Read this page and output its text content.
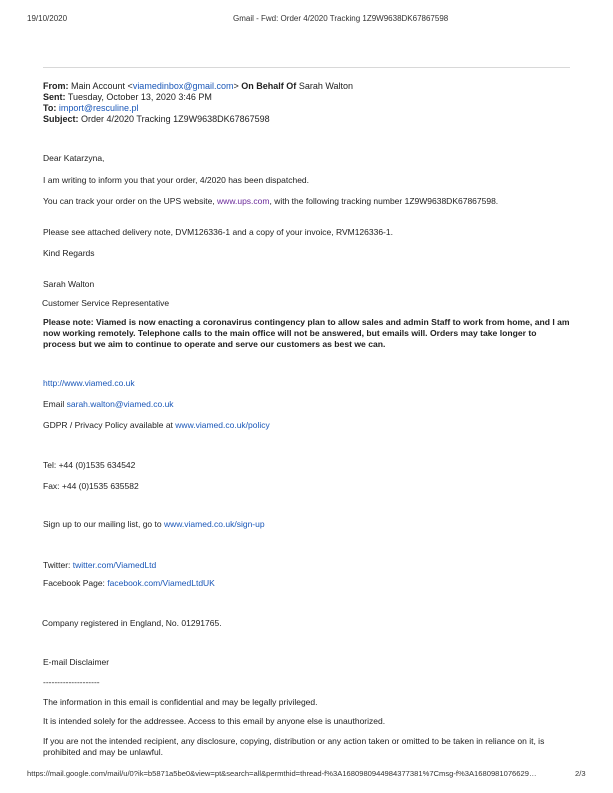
19/10/2020	Gmail - Fwd: Order 4/2020 Tracking 1Z9W9638DK67867598
From: Main Account <viamedinbox@gmail.com> On Behalf Of Sarah Walton
Sent: Tuesday, October 13, 2020 3:46 PM
To: import@resculine.pl
Subject: Order 4/2020 Tracking 1Z9W9638DK67867598
Dear Katarzyna,
I am writing to inform you that your order, 4/2020 has been dispatched.
You can track your order on the UPS website, www.ups.com, with the following tracking number 1Z9W9638DK67867598.
Please see attached delivery note, DVM126336-1 and a copy of your invoice, RVM126336-1.
Kind Regards
Sarah Walton
Customer Service Representative
Please note: Viamed is now enacting a coronavirus contingency plan to allow sales and admin Staff to work from home, and I am now working remotely. Telephone calls to the main office will not be answered, but emails will. Orders may take longer to process but we aim to continue to operate and serve our customers as best we can.
http://www.viamed.co.uk
Email sarah.walton@viamed.co.uk
GDPR / Privacy Policy available at www.viamed.co.uk/policy
Tel: +44 (0)1535 634542
Fax: +44 (0)1535 635582
Sign up to our mailing list, go to www.viamed.co.uk/sign-up
Twitter: twitter.com/ViamedLtd
Facebook Page: facebook.com/ViamedLtdUK
Company registered in England, No. 01291765.
E-mail Disclaimer
--------------------
The information in this email is confidential and may be legally privileged.
It is intended solely for the addressee. Access to this email by anyone else is unauthorized.
If you are not the intended recipient, any disclosure, copying, distribution or any action taken or omitted to be taken in reliance on it, is prohibited and may be unlawful.
https://mail.google.com/mail/u/0?ik=b5871a5be0&view=pt&search=all&permthid=thread-f%3A1680980944984377381%7Cmsg-f%3A1680981076629…	2/3
